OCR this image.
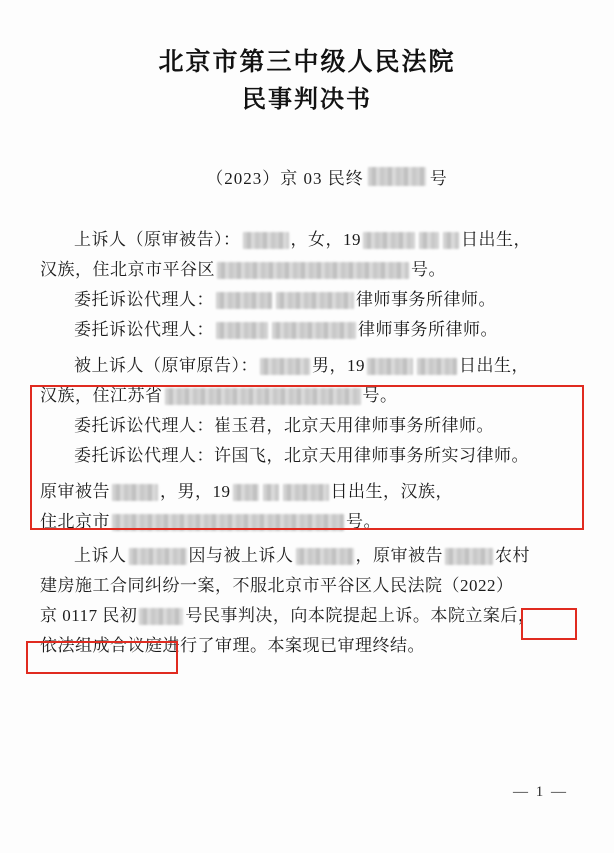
北京市第三中级人民法院
民事判决书
（2023）京 03 民终	号
上诉人（原审被告）：	，女，19	日出生，
汉族，住北京市平谷区	号。
委托诉讼代理人：	律师事务所律师。
委托诉讼代理人：	律师事务所律师。
被上诉人（原审原告）：	男，19	日出生，
汉族，住江苏省	号。
委托诉讼代理人：崔玉君，北京天用律师事务所律师。
委托诉讼代理人：许国飞，北京天用律师事务所实习律师。
原审被告	，男，19	日出生，汉族，
住北京市	号。
上诉人	因与被上诉人	，原审被告	农村
建房施工合同纠纷 一案，不服北京市平谷区人民法院（2022）
京 0117 民初	号民事判决，向本院提起上诉。本院立案后，
依法组成合议庭进行了审理。本案现已审理终结。
— 1 —
